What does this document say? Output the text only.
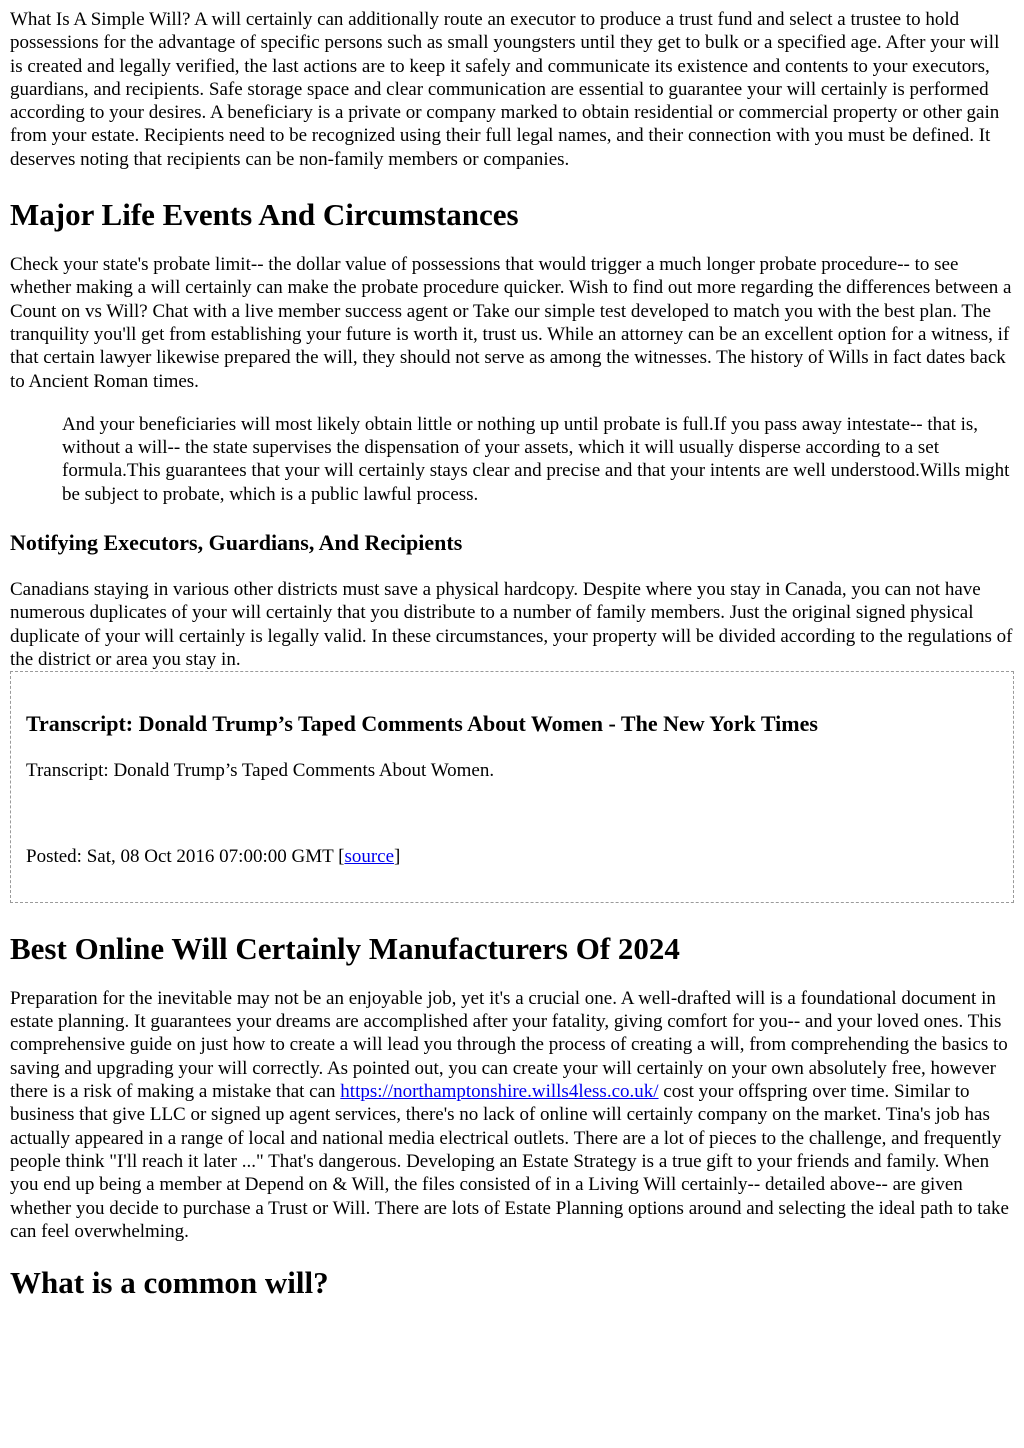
What Is A Simple Will? A will certainly can additionally route an executor to produce a trust fund and select a trustee to hold possessions for the advantage of specific persons such as small youngsters until they get to bulk or a specified age. After your will is created and legally verified, the last actions are to keep it safely and communicate its existence and contents to your executors, guardians, and recipients. Safe storage space and clear communication are essential to guarantee your will certainly is performed according to your desires. A beneficiary is a private or company marked to obtain residential or commercial property or other gain from your estate. Recipients need to be recognized using their full legal names, and their connection with you must be defined. It deserves noting that recipients can be non-family members or companies.

Major Life Events And Circumstances

Check your state's probate limit-- the dollar value of possessions that would trigger a much longer probate procedure-- to see whether making a will certainly can make the probate procedure quicker. Wish to find out more regarding the differences between a Count on vs Will? Chat with a live member success agent or Take our simple test developed to match you with the best plan. The tranquility you'll get from establishing your future is worth it, trust us. While an attorney can be an excellent option for a witness, if that certain lawyer likewise prepared the will, they should not serve as among the witnesses. The history of Wills in fact dates back to Ancient Roman times.

And your beneficiaries will most likely obtain little or nothing up until probate is full.If you pass away intestate-- that is, without a will-- the state supervises the dispensation of your assets, which it will usually disperse according to a set formula.This guarantees that your will certainly stays clear and precise and that your intents are well understood.Wills might be subject to probate, which is a public lawful process.
Notifying Executors, Guardians, And Recipients

Canadians staying in various other districts must save a physical hardcopy. Despite where you stay in Canada, you can not have numerous duplicates of your will certainly that you distribute to a number of family members. Just the original signed physical duplicate of your will certainly is legally valid. In these circumstances, your property will be divided according to the regulations of the district or area you stay in.

Transcript: Donald Trump’s Taped Comments About Women - The New York Times

Transcript: Donald Trump’s Taped Comments About Women.

Posted: Sat, 08 Oct 2016 07:00:00 GMT [source]

Best Online Will Certainly Manufacturers Of 2024

Preparation for the inevitable may not be an enjoyable job, yet it's a crucial one. A well-drafted will is a foundational document in estate planning. It guarantees your dreams are accomplished after your fatality, giving comfort for you-- and your loved ones. This comprehensive guide on just how to create a will lead you through the process of creating a will, from comprehending the basics to saving and upgrading your will correctly. As pointed out, you can create your will certainly on your own absolutely free, however there is a risk of making a mistake that can https://northamptonshire.wills4less.co.uk/ cost your offspring over time. Similar to business that give LLC or signed up agent services, there's no lack of online will certainly company on the market. Tina's job has actually appeared in a range of local and national media electrical outlets. There are a lot of pieces to the challenge, and frequently people think "I'll reach it later ..." That's dangerous. Developing an Estate Strategy is a true gift to your friends and family. When you end up being a member at Depend on & Will, the files consisted of in a Living Will certainly-- detailed above-- are given whether you decide to purchase a Trust or Will. There are lots of Estate Planning options around and selecting the ideal path to take can feel overwhelming.

What is a common will?
